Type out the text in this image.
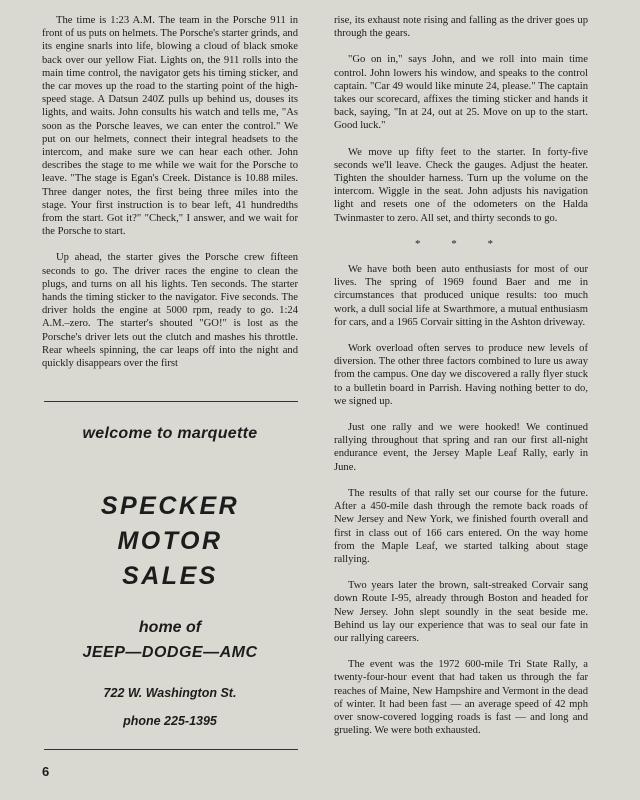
The time is 1:23 A.M. The team in the Porsche 911 in front of us puts on helmets. The Porsche's starter grinds, and its engine snarls into life, blowing a cloud of black smoke back over our yellow Fiat. Lights on, the 911 rolls into the main time control, the navigator gets his timing sticker, and the car moves up the road to the starting point of the high-speed stage. A Datsun 240Z pulls up behind us, douses its lights, and waits. John consults his watch and tells me, "As soon as the Porsche leaves, we can enter the control." We put on our helmets, connect their integral headsets to the intercom, and make sure we can hear each other. John describes the stage to me while we wait for the Porsche to leave. "The stage is Egan's Creek. Distance is 10.88 miles. Three danger notes, the first being three miles into the stage. Your first instruction is to bear left, 41 hundredths from the start. Got it?" "Check," I answer, and we wait for the Porsche to start.

Up ahead, the starter gives the Porsche crew fifteen seconds to go. The driver races the engine to clean the plugs, and turns on all his lights. Ten seconds. The starter hands the timing sticker to the navigator. Five seconds. The driver holds the engine at 5000 rpm, ready to go. 1:24 A.M.–zero. The starter's shouted "GO!" is lost as the Porsche's driver lets out the clutch and mashes his throttle. Rear wheels spinning, the car leaps off into the night and quickly disappears over the first

welcome to marquette
SPECKER
MOTOR
SALES
home of
JEEP—DODGE—AMC
722 W. Washington St.
phone 225-1395

rise, its exhaust note rising and falling as the driver goes up through the gears.

"Go on in," says John, and we roll into main time control. John lowers his window, and speaks to the control captain. "Car 49 would like minute 24, please." The captain takes our scorecard, affixes the timing sticker and hands it back, saying, "In at 24, out at 25. Move on up to the start. Good luck."

We move up fifty feet to the starter. In forty-five seconds we'll leave. Check the gauges. Adjust the heater. Tighten the shoulder harness. Turn up the volume on the intercom. Wiggle in the seat. John adjusts his navigation light and resets one of the odometers on the Halda Twinmaster to zero. All set, and thirty seconds to go.

* * *

We have both been auto enthusiasts for most of our lives. The spring of 1969 found Baer and me in circumstances that produced unique results: too much work, a dull social life at Swarthmore, a mutual enthusiasm for cars, and a 1965 Corvair sitting in the Ashton driveway.

Work overload often serves to produce new levels of diversion. The other three factors combined to lure us away from the campus. One day we discovered a rally flyer stuck to a bulletin board in Parrish. Having nothing better to do, we signed up.

Just one rally and we were hooked! We continued rallying throughout that spring and ran our first all-night endurance event, the Jersey Maple Leaf Rally, early in June.

The results of that rally set our course for the future. After a 450-mile dash through the remote back roads of New Jersey and New York, we finished fourth overall and first in class out of 166 cars entered. On the way home from the Maple Leaf, we started talking about stage rallying.

Two years later the brown, salt-streaked Corvair sang down Route I-95, already through Boston and headed for New Jersey. John slept soundly in the seat beside me. Behind us lay our experience that was to seal our fate in our rallying careers.

The event was the 1972 600-mile Tri State Rally, a twenty-four-hour event that had taken us through the far reaches of Maine, New Hampshire and Vermont in the dead of winter. It had been fast — an average speed of 42 mph over snow-covered logging roads is fast — and long and grueling. We were both exhausted.

6
